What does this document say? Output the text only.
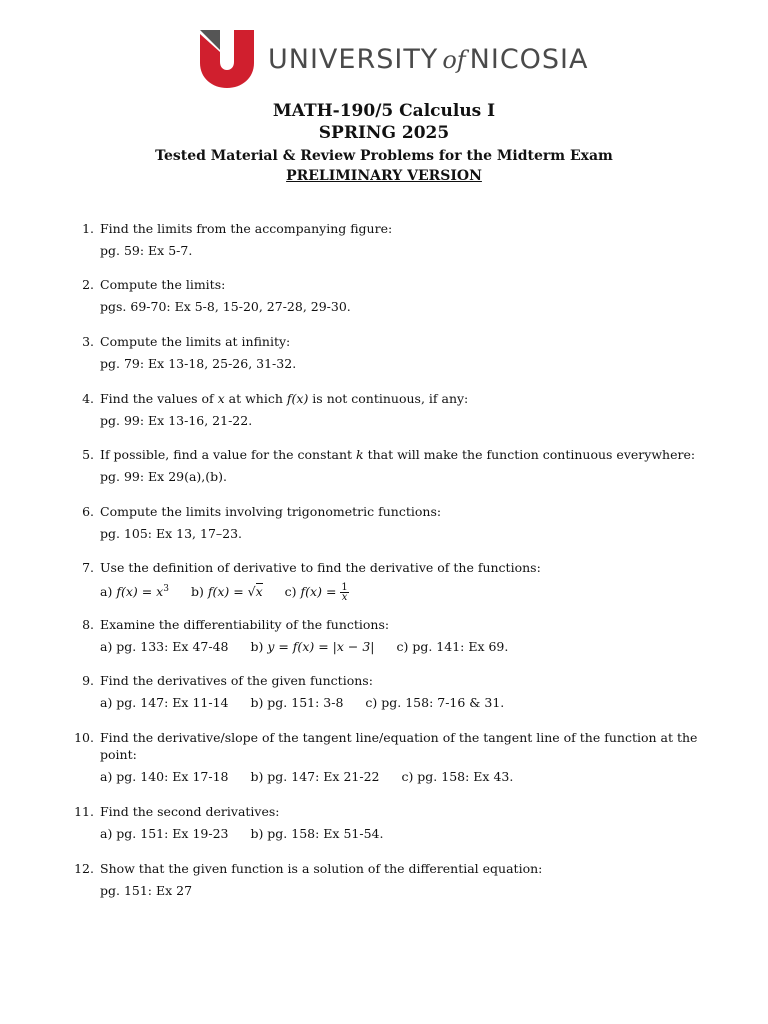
UNIVERSITY of NICOSIA
MATH-190/5 Calculus I
SPRING 2025
Tested Material & Review Problems for the Midterm Exam
PRELIMINARY VERSION
1. Find the limits from the accompanying figure:
pg. 59: Ex 5-7.
2. Compute the limits:
pgs. 69-70: Ex 5-8, 15-20, 27-28, 29-30.
3. Compute the limits at infinity:
pg. 79: Ex 13-18, 25-26, 31-32.
4. Find the values of x at which f(x) is not continuous, if any:
pg. 99: Ex 13-16, 21-22.
5. If possible, find a value for the constant k that will make the function continuous everywhere:
pg. 99: Ex 29(a),(b).
6. Compute the limits involving trigonometric functions:
pg. 105: Ex 13, 17–23.
7. Use the definition of derivative to find the derivative of the functions:
a) $f(x) = x^3$ b) f(x) = √x c) $f(x) = \frac{1}{x}$
8. Examine the differentiability of the functions:
a) pg. 133: Ex 47-48 b) y = f(x) = |x − 3| c) pg. 141: Ex 69.
9. Find the derivatives of the given functions:
a) pg. 147: Ex 11-14 b) pg. 151: 3-8 c) pg. 158: 7-16 & 31.
10. Find the derivative/slope of the tangent line/equation of the tangent line of the function at the point:
a) pg. 140: Ex 17-18 b) pg. 147: Ex 21-22 c) pg. 158: Ex 43.
11. Find the second derivatives:
a) pg. 151: Ex 19-23 b) pg. 158: Ex 51-54.
12. Show that the given function is a solution of the differential equation:
pg. 151: Ex 27
